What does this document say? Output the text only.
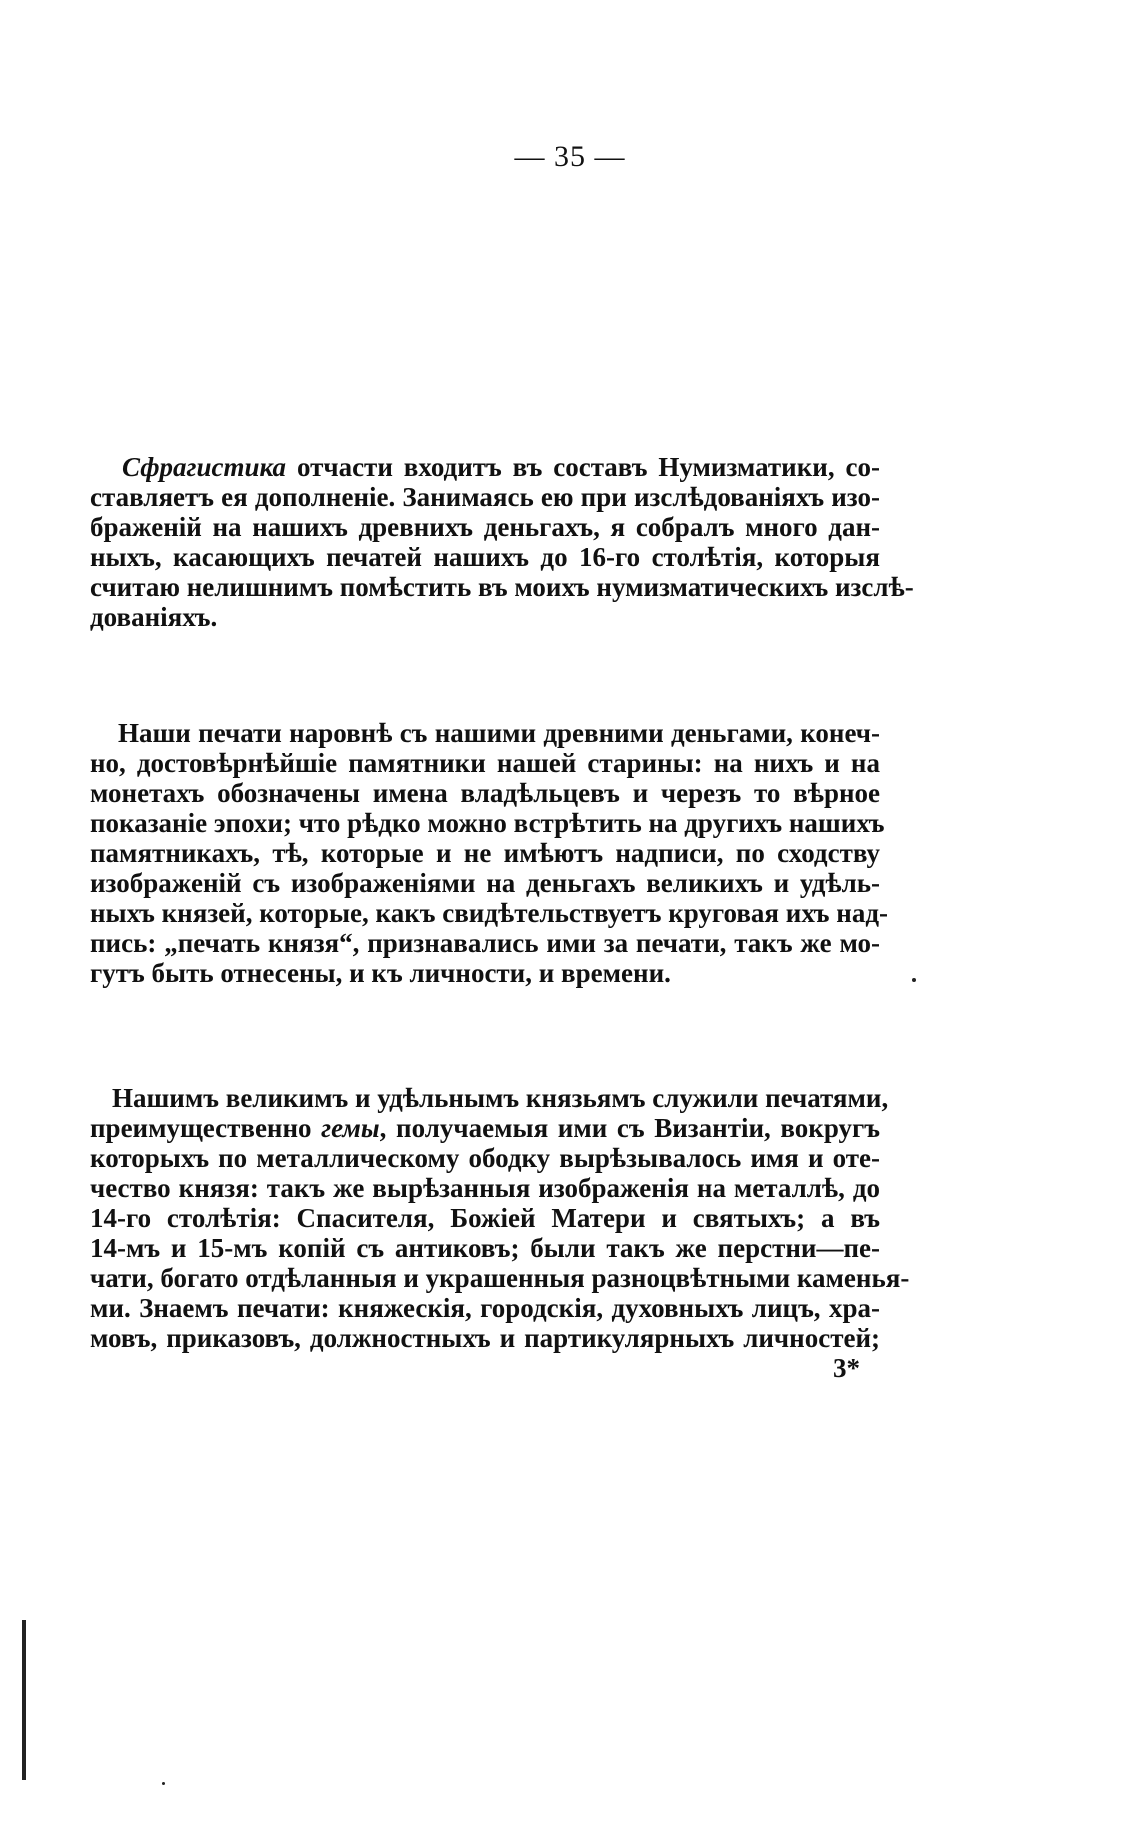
— 35 —
Сфрагистика отчасти входитъ въ составъ Нумизматики, со-
ставляетъ ея дополненіе. Занимаясь ею при изслѣдованіяхъ изо-
браженій на нашихъ древнихъ деньгахъ, я собралъ много дан-
ныхъ, касающихъ печатей нашихъ до 16-го столѣтія, которыя
считаю нелишнимъ помѣстить въ моихъ нумизматическихъ изслѣ-
дованіяхъ.
Наши печати наровнѣ съ нашими древними деньгами, конеч-
но, достовѣрнѣйшіе памятники нашей старины: на нихъ и на
монетахъ обозначены имена владѣльцевъ и черезъ то вѣрное
показаніе эпохи; что рѣдко можно встрѣтить на другихъ нашихъ
памятникахъ, тѣ, которые и не имѣютъ надписи, по сходству
изображеній съ изображеніями на деньгахъ великихъ и удѣль-
ныхъ князей, которые, какъ свидѣтельствуетъ круговая ихъ над-
пись: „печать князя“, признавались ими за печати, такъ же мо-
гутъ быть отнесены, и къ личности, и времени.
Нашимъ великимъ и удѣльнымъ князьямъ служили печатями,
преимущественно гемы, получаемыя ими съ Византіи, вокругъ
которыхъ по металлическому ободку вырѣзывалось имя и оте-
чество князя: такъ же вырѣзанныя изображенія на металлѣ, до
14-го столѣтія: Спасителя, Божіей Матери и святыхъ; а въ
14-мъ и 15-мъ копій съ антиковъ; были такъ же перстни—пе-
чати, богато отдѣланныя и украшенныя разноцвѣтными каменья-
ми. Знаемъ печати: княжескія, городскія, духовныхъ лицъ, хра-
мовъ, приказовъ, должностныхъ и партикулярныхъ личностей;
3*
